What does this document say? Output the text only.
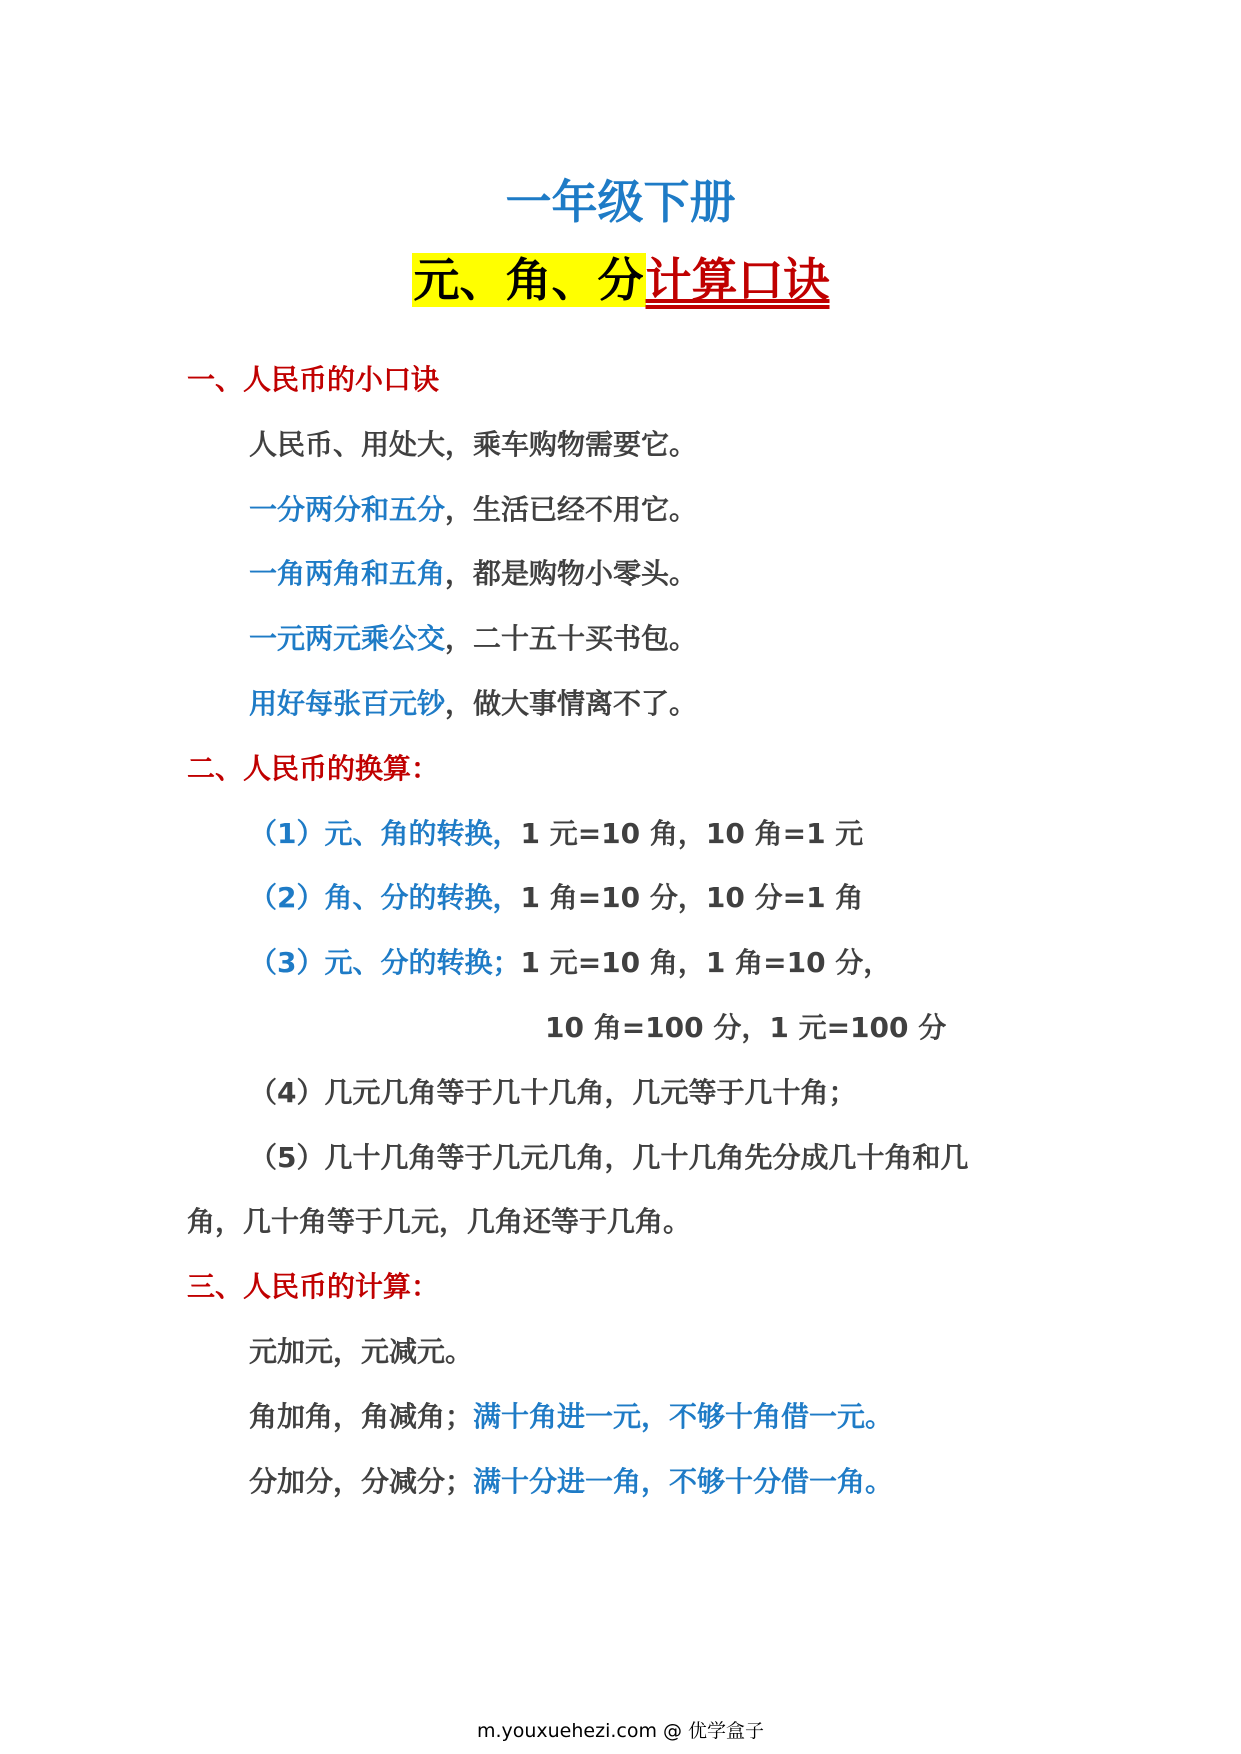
一年级下册
元、角、分计算口诀
一、人民币的小口诀
人民币、用处大，乘车购物需要它。
一分两分和五分，生活已经不用它。
一角两角和五角，都是购物小零头。
一元两元乘公交，二十五十买书包。
用好每张百元钞，做大事情离不了。
二、人民币的换算：
（1）元、角的转换，1 元=10 角，10 角=1 元
（2）角、分的转换，1 角=10 分，10 分=1 角
（3）元、分的转换；1 元=10 角，1 角=10 分，
10 角=100 分，1 元=100 分
（4）几元几角等于几十几角，几元等于几十角；
（5）几十几角等于几元几角，几十几角先分成几十角和几
角，几十角等于几元，几角还等于几角。
三、人民币的计算：
元加元，元减元。
角加角，角减角；满十角进一元，不够十角借一元。
分加分，分减分；满十分进一角，不够十分借一角。
m.youxuehezi.com @ 优学盒子
